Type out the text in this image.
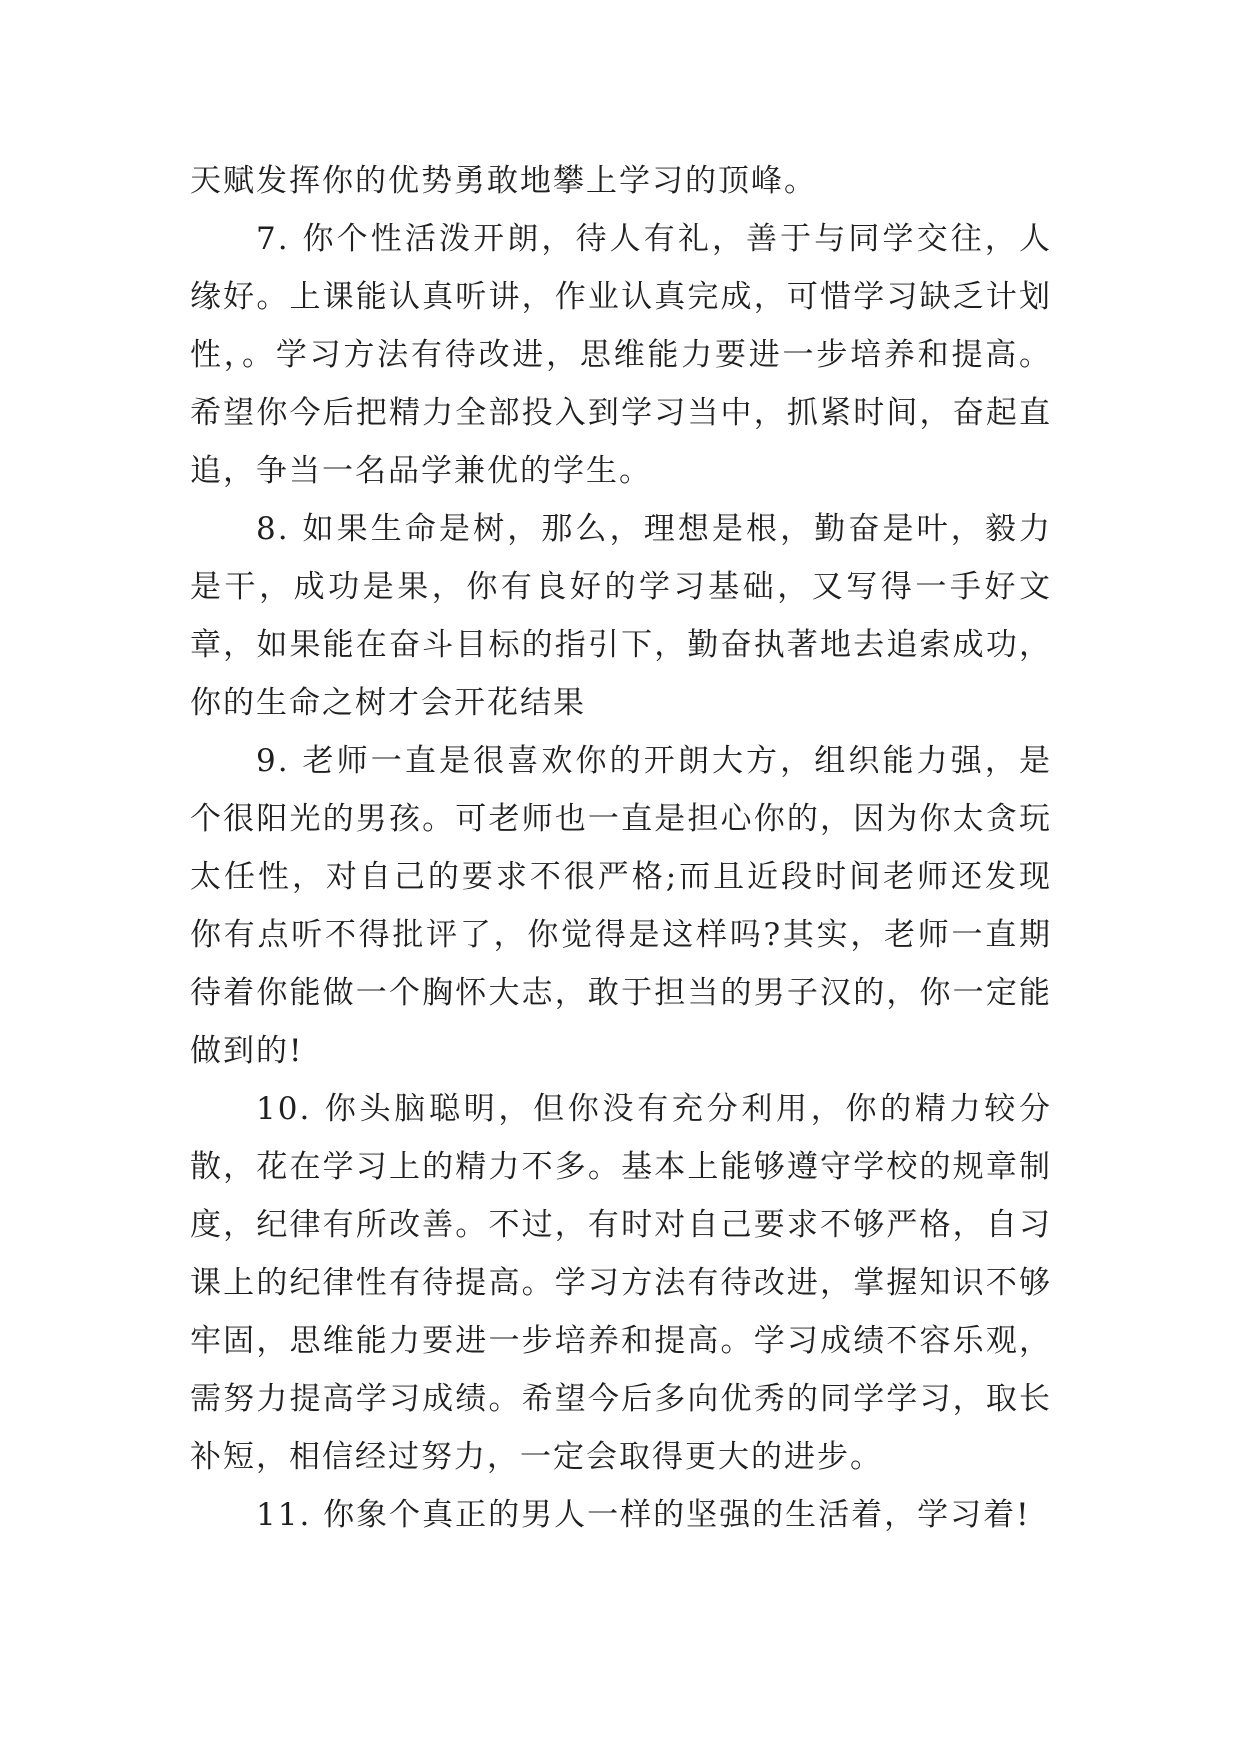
天赋发挥你的优势勇敢地攀上学习的顶峰。

7. 你个性活泼开朗，待人有礼，善于与同学交往，人缘好。上课能认真听讲，作业认真完成，可惜学习缺乏计划性，。学习方法有待改进，思维能力要进一步培养和提高。希望你今后把精力全部投入到学习当中，抓紧时间，奋起直追，争当一名品学兼优的学生。

8. 如果生命是树，那么，理想是根，勤奋是叶，毅力是干，成功是果，你有良好的学习基础，又写得一手好文章，如果能在奋斗目标的指引下，勤奋执著地去追索成功，你的生命之树才会开花结果

9. 老师一直是很喜欢你的开朗大方，组织能力强，是个很阳光的男孩。可老师也一直是担心你的，因为你太贪玩太任性，对自己的要求不很严格;而且近段时间老师还发现你有点听不得批评了，你觉得是这样吗?其实，老师一直期待着你能做一个胸怀大志，敢于担当的男子汉的，你一定能做到的!

10. 你头脑聪明，但你没有充分利用，你的精力较分散，花在学习上的精力不多。基本上能够遵守学校的规章制度，纪律有所改善。不过，有时对自己要求不够严格，自习课上的纪律性有待提高。学习方法有待改进，掌握知识不够牢固，思维能力要进一步培养和提高。学习成绩不容乐观，需努力提高学习成绩。希望今后多向优秀的同学学习，取长补短，相信经过努力，一定会取得更大的进步。

11. 你象个真正的男人一样的坚强的生活着，学习着!
